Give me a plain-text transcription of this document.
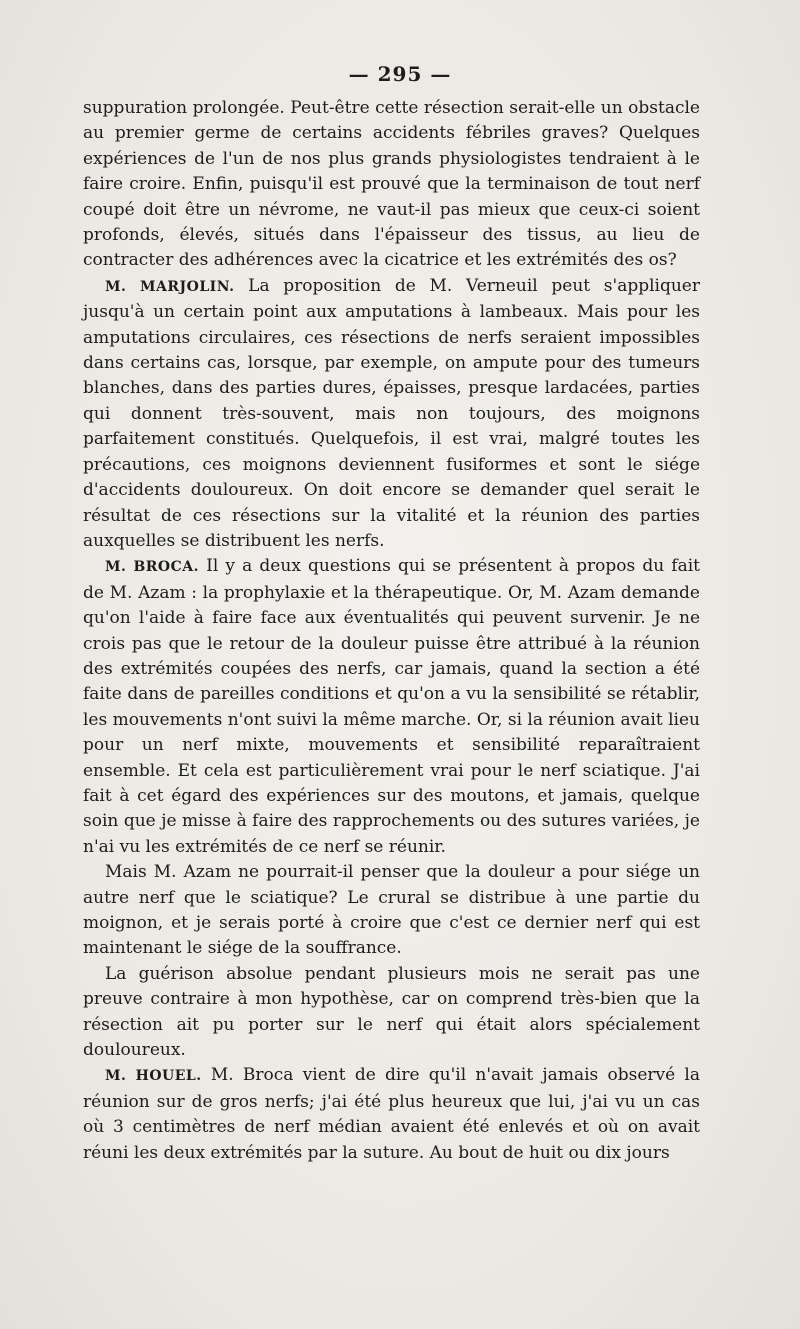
— 295 —

suppuration prolongée. Peut-être cette résection serait-elle un obstacle au premier germe de certains accidents fébriles graves? Quelques expériences de l'un de nos plus grands physiologistes tendraient à le faire croire. Enfin, puisqu'il est prouvé que la terminaison de tout nerf coupé doit être un névrome, ne vaut-il pas mieux que ceux-ci soient profonds, élevés, situés dans l'épaisseur des tissus, au lieu de contracter des adhérences avec la cicatrice et les extrémités des os?

M. MARJOLIN. La proposition de M. Verneuil peut s'appliquer jusqu'à un certain point aux amputations à lambeaux. Mais pour les amputations circulaires, ces résections de nerfs seraient impossibles dans certains cas, lorsque, par exemple, on ampute pour des tumeurs blanches, dans des parties dures, épaisses, presque lardacées, parties qui donnent très-souvent, mais non toujours, des moignons parfaitement constitués. Quelquefois, il est vrai, malgré toutes les précautions, ces moignons deviennent fusiformes et sont le siége d'accidents douloureux. On doit encore se demander quel serait le résultat de ces résections sur la vitalité et la réunion des parties auxquelles se distribuent les nerfs.

M. BROCA. Il y a deux questions qui se présentent à propos du fait de M. Azam : la prophylaxie et la thérapeutique. Or, M. Azam demande qu'on l'aide à faire face aux éventualités qui peuvent survenir. Je ne crois pas que le retour de la douleur puisse être attribué à la réunion des extrémités coupées des nerfs, car jamais, quand la section a été faite dans de pareilles conditions et qu'on a vu la sensibilité se rétablir, les mouvements n'ont suivi la même marche. Or, si la réunion avait lieu pour un nerf mixte, mouvements et sensibilité reparaîtraient ensemble. Et cela est particulièrement vrai pour le nerf sciatique. J'ai fait à cet égard des expériences sur des moutons, et jamais, quelque soin que je misse à faire des rapprochements ou des sutures variées, je n'ai vu les extrémités de ce nerf se réunir.

Mais M. Azam ne pourrait-il penser que la douleur a pour siége un autre nerf que le sciatique? Le crural se distribue à une partie du moignon, et je serais porté à croire que c'est ce dernier nerf qui est maintenant le siége de la souffrance.

La guérison absolue pendant plusieurs mois ne serait pas une preuve contraire à mon hypothèse, car on comprend très-bien que la résection ait pu porter sur le nerf qui était alors spécialement douloureux.

M. HOUEL. M. Broca vient de dire qu'il n'avait jamais observé la réunion sur de gros nerfs; j'ai été plus heureux que lui, j'ai vu un cas où 3 centimètres de nerf médian avaient été enlevés et où on avait réuni les deux extrémités par la suture. Au bout de huit ou dix jours
